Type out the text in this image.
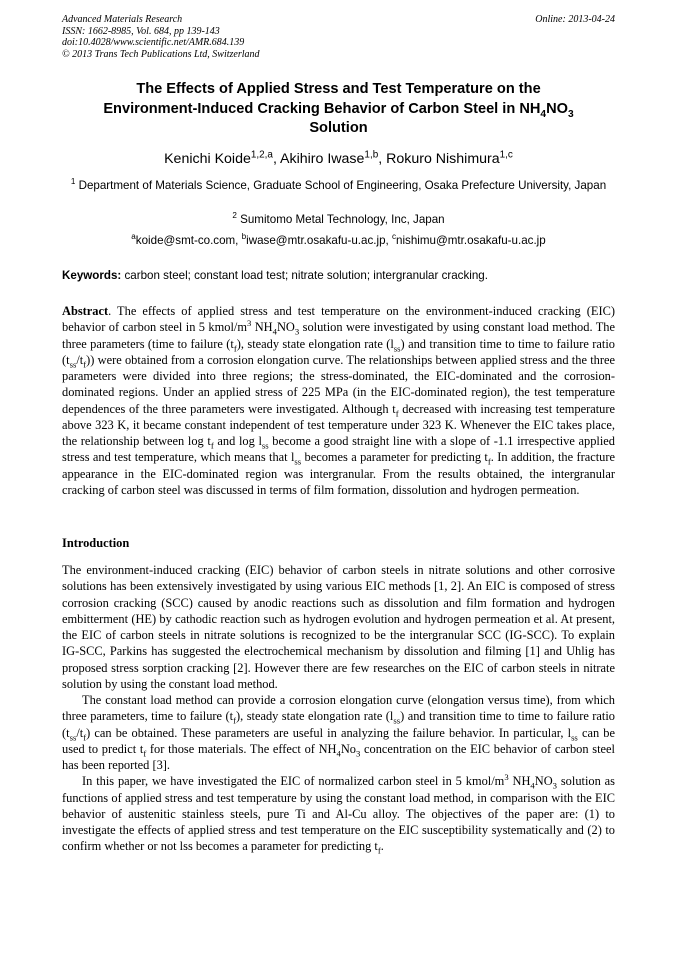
Advanced Materials Research
ISSN: 1662-8985, Vol. 684, pp 139-143
doi:10.4028/www.scientific.net/AMR.684.139
© 2013 Trans Tech Publications Ltd, Switzerland
Online: 2013-04-24
The Effects of Applied Stress and Test Temperature on the
Environment-Induced Cracking Behavior of Carbon Steel in $NH_4NO_3$
Solution
Kenichi Koide$^{1,2,a}$, Akihiro Iwase$^{1,b}$, Rokuro Nishimura$^{1,c}$
$^1$ Department of Materials Science, Graduate School of Engineering, Osaka Prefecture University, Japan
$^2$ Sumitomo Metal Technology, Inc, Japan
$^a$koide@smt-co.com, $^b$iwase@mtr.osakafu-u.ac.jp, $^c$nishimu@mtr.osakafu-u.ac.jp
Keywords: carbon steel; constant load test; nitrate solution; intergranular cracking.

Abstract. The effects of applied stress and test temperature on the environment-induced cracking (EIC) behavior of carbon steel in 5 kmol/$m^3$ $NH_4NO_3$ solution were investigated by using constant load method. The three parameters (time to failure $(t_f)$, steady state elongation rate $(l_{ss})$ and transition time to time to failure ratio $(t_{ss}/t_f)$) were obtained from a corrosion elongation curve. The relationships between applied stress and the three parameters were divided into three regions; the stress-dominated, the EIC-dominated and the corrosion-dominated regions. Under an applied stress of 225 MPa (in the EIC-dominated region), the test temperature dependences of the three parameters were investigated. Although $t_f$ decreased with increasing test temperature above 323 K, it became constant independent of test temperature under 323 K. Whenever the EIC takes place, the relationship between $\log t_f$ and $\log l_{ss}$ become a good straight line with a slope of -1.1 irrespective applied stress and test temperature, which means that $l_{ss}$ becomes a parameter for predicting $t_f$. In addition, the fracture appearance in the EIC-dominated region was intergranular. From the results obtained, the intergranular cracking of carbon steel was discussed in terms of film formation, dissolution and hydrogen permeation.

Introduction

The environment-induced cracking (EIC) behavior of carbon steels in nitrate solutions and other corrosive solutions has been extensively investigated by using various EIC methods [1, 2]. An EIC is composed of stress corrosion cracking (SCC) caused by anodic reactions such as dissolution and film formation and hydrogen embitterment (HE) by cathodic reaction such as hydrogen evolution and hydrogen permeation et al. At present, the EIC of carbon steels in nitrate solutions is recognized to be the intergranular SCC (IG-SCC). To explain IG-SCC, Parkins has suggested the electrochemical mechanism by dissolution and filming [1] and Uhlig has proposed stress sorption cracking [2]. However there are few researches on the EIC of carbon steels in nitrate solution by using the constant load method.

The constant load method can provide a corrosion elongation curve (elongation versus time), from which three parameters, time to failure $(t_f)$, steady state elongation rate $(l_{ss})$ and transition time to time to failure ratio $(t_{ss}/t_f)$ can be obtained. These parameters are useful in analyzing the failure behavior. In particular, $l_{ss}$ can be used to predict $t_f$ for those materials. The effect of $NH_4No_3$ concentration on the EIC behavior of carbon steel has been reported [3].

In this paper, we have investigated the EIC of normalized carbon steel in 5 kmol/$m^3$ $NH_4NO_3$ solution as functions of applied stress and test temperature by using the constant load method, in comparison with the EIC behavior of austenitic stainless steels, pure Ti and Al-Cu alloy. The objectives of the paper are: (1) to investigate the effects of applied stress and test temperature on the EIC susceptibility systematically and (2) to confirm whether or not lss becomes a parameter for predicting $t_f$.
